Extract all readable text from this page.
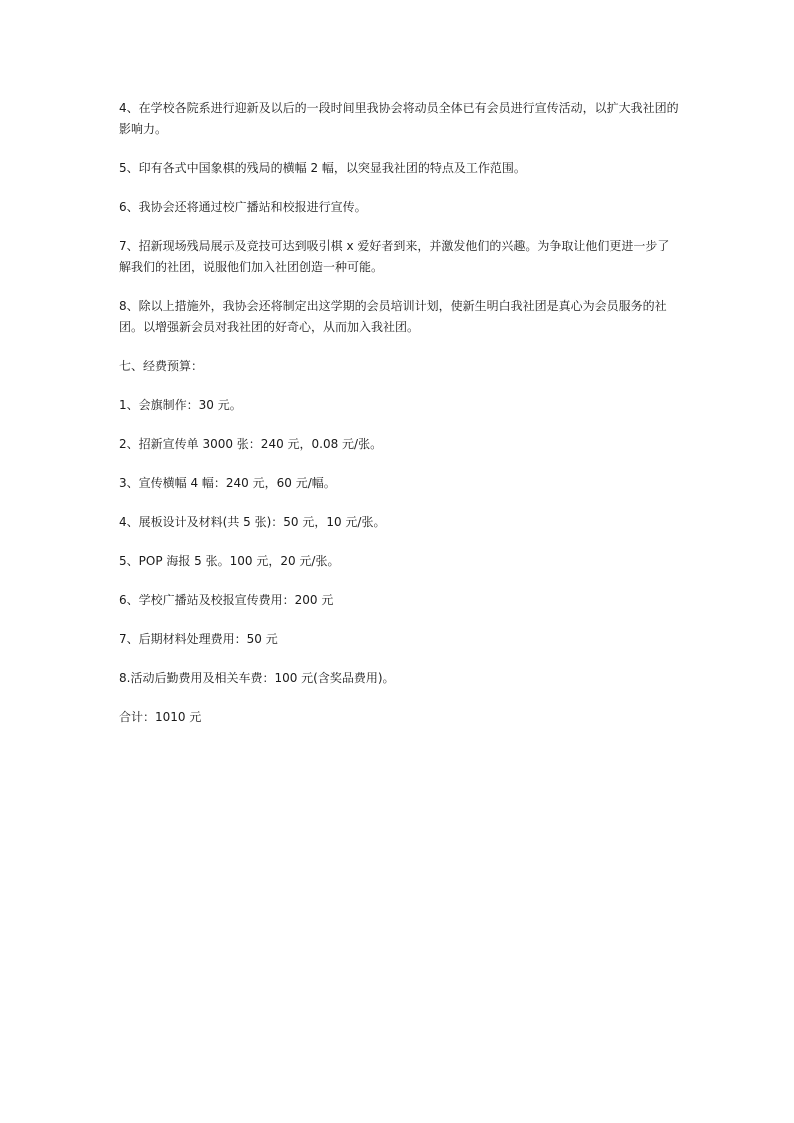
4、在学校各院系进行迎新及以后的一段时间里我协会将动员全体已有会员进行宣传活动，以扩大我社团的影响力。

5、印有各式中国象棋的残局的横幅 2 幅，以突显我社团的特点及工作范围。

6、我协会还将通过校广播站和校报进行宣传。

7、招新现场残局展示及竞技可达到吸引棋 x 爱好者到来，并激发他们的兴趣。为争取让他们更进一步了解我们的社团，说服他们加入社团创造一种可能。

8、除以上措施外，我协会还将制定出这学期的会员培训计划，使新生明白我社团是真心为会员服务的社团。以增强新会员对我社团的好奇心，从而加入我社团。

七、经费预算：

1、会旗制作：30 元。

2、招新宣传单 3000 张：240 元，0.08 元/张。

3、宣传横幅 4 幅：240 元，60 元/幅。

4、展板设计及材料(共 5 张)：50 元，10 元/张。

5、POP 海报 5 张。100 元，20 元/张。

6、学校广播站及校报宣传费用：200 元

7、后期材料处理费用：50 元

8.活动后勤费用及相关车费：100 元(含奖品费用)。

合计：1010 元
